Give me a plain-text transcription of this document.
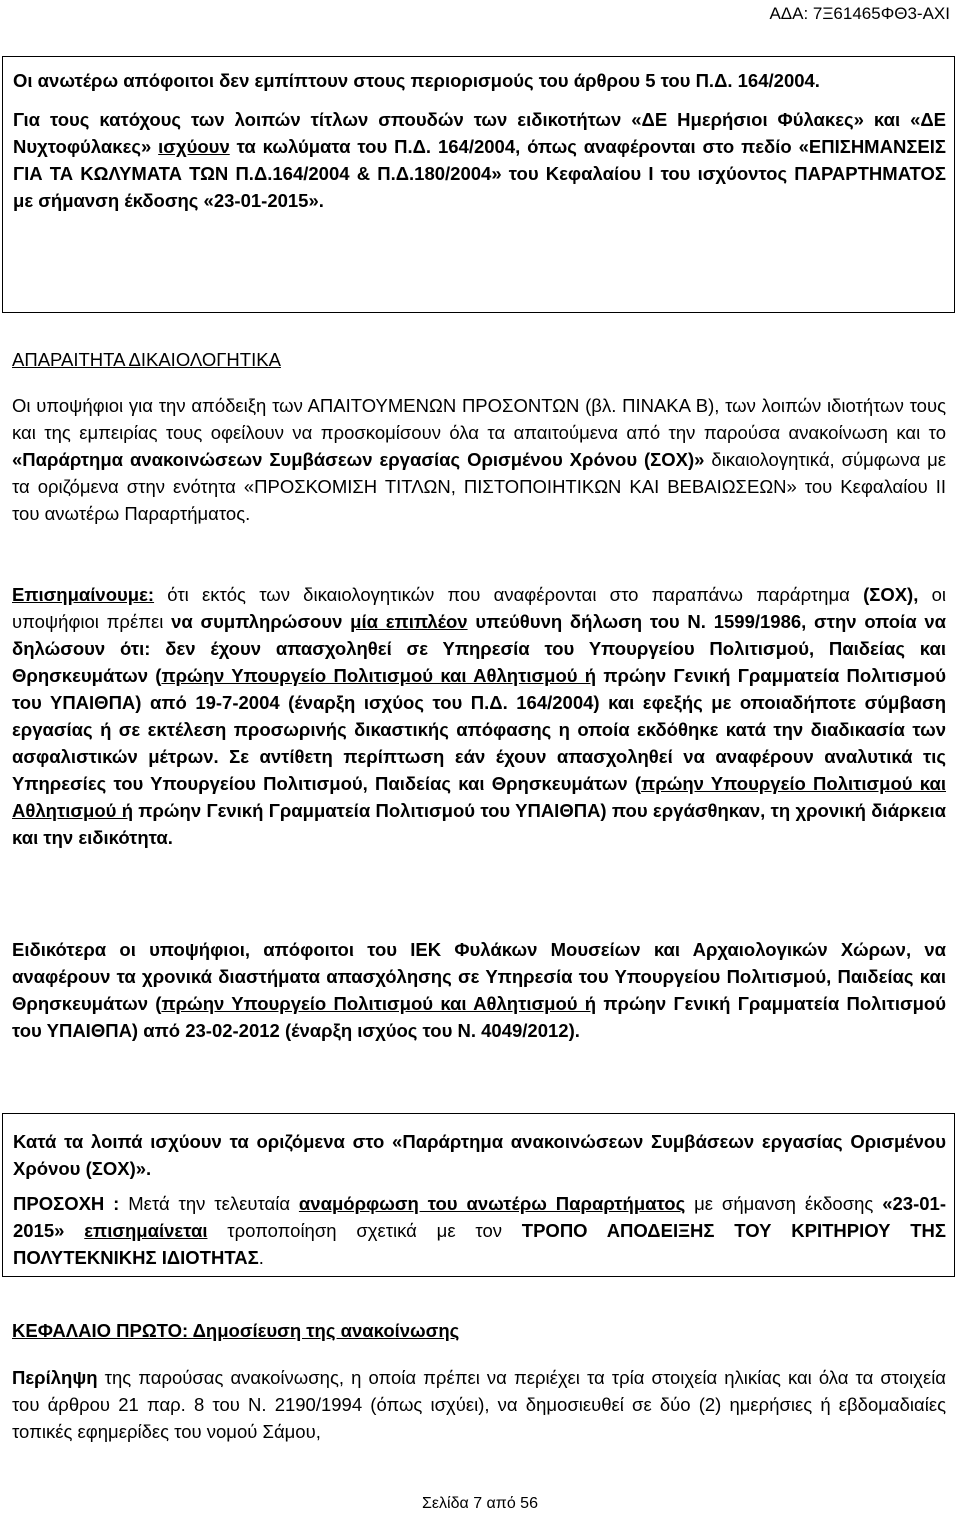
ΑΔΑ: 7Ξ61465ΦΘ3-ΑΧΙ

Οι ανωτέρω απόφοιτοι δεν εμπίπτουν στους περιορισμούς του άρθρου 5 του Π.Δ. 164/2004.

Για τους κατόχους των λοιπών τίτλων σπουδών των ειδικοτήτων «ΔΕ Ημερήσιοι Φύλακες» και «ΔΕ Νυχτοφύλακες» ισχύουν τα κωλύματα του Π.Δ. 164/2004, όπως αναφέρονται στο πεδίο «ΕΠΙΣΗΜΑΝΣΕΙΣ ΓΙΑ ΤΑ ΚΩΛΥΜΑΤΑ ΤΩΝ Π.Δ.164/2004 & Π.Δ.180/2004» του Κεφαλαίου Ι του ισχύοντος ΠΑΡΑΡΤΗΜΑΤΟΣ με σήμανση έκδοσης «23-01-2015».

ΑΠΑΡΑΙΤΗΤΑ ΔΙΚΑΙΟΛΟΓΗΤΙΚΑ

Οι υποψήφιοι για την απόδειξη των ΑΠΑΙΤΟΥΜΕΝΩΝ ΠΡΟΣΟΝΤΩΝ (βλ. ΠΙΝΑΚΑ Β), των λοιπών ιδιοτήτων τους και της εμπειρίας τους οφείλουν να προσκομίσουν όλα τα απαιτούμενα από την παρούσα ανακοίνωση και το «Παράρτημα ανακοινώσεων Συμβάσεων εργασίας Ορισμένου Χρόνου (ΣΟΧ)» δικαιολογητικά, σύμφωνα με τα οριζόμενα στην ενότητα «ΠΡΟΣΚΟΜΙΣΗ ΤΙΤΛΩΝ, ΠΙΣΤΟΠΟΙΗΤΙΚΩΝ ΚΑΙ ΒΕΒΑΙΩΣΕΩΝ» του Κεφαλαίου ΙΙ του ανωτέρω Παραρτήματος.

Επισημαίνουμε: ότι εκτός των δικαιολογητικών που αναφέρονται στο παραπάνω παράρτημα (ΣΟΧ), οι υποψήφιοι πρέπει να συμπληρώσουν μία επιπλέον υπεύθυνη δήλωση του Ν. 1599/1986, στην οποία να δηλώσουν ότι: δεν έχουν απασχοληθεί σε Υπηρεσία του Υπουργείου Πολιτισμού, Παιδείας και Θρησκευμάτων (πρώην Υπουργείο Πολιτισμού και Αθλητισμού ή πρώην Γενική Γραμματεία Πολιτισμού του ΥΠΑΙΘΠΑ) από 19-7-2004 (έναρξη ισχύος του Π.Δ. 164/2004) και εφεξής με οποιαδήποτε σύμβαση εργασίας ή σε εκτέλεση προσωρινής δικαστικής απόφασης η οποία εκδόθηκε κατά την διαδικασία των ασφαλιστικών μέτρων. Σε αντίθετη περίπτωση εάν έχουν απασχοληθεί να αναφέρουν αναλυτικά τις Υπηρεσίες του Υπουργείου Πολιτισμού, Παιδείας και Θρησκευμάτων (πρώην Υπουργείο Πολιτισμού και Αθλητισμού ή πρώην Γενική Γραμματεία Πολιτισμού του ΥΠΑΙΘΠΑ) που εργάσθηκαν, τη χρονική διάρκεια και την ειδικότητα.

Ειδικότερα οι υποψήφιοι, απόφοιτοι του ΙΕΚ Φυλάκων Μουσείων και Αρχαιολογικών Χώρων, να αναφέρουν τα χρονικά διαστήματα απασχόλησης σε Υπηρεσία του Υπουργείου Πολιτισμού, Παιδείας και Θρησκευμάτων (πρώην Υπουργείο Πολιτισμού και Αθλητισμού ή πρώην Γενική Γραμματεία Πολιτισμού του ΥΠΑΙΘΠΑ) από 23-02-2012 (έναρξη ισχύος του Ν. 4049/2012).

Κατά τα λοιπά ισχύουν τα οριζόμενα στο «Παράρτημα ανακοινώσεων Συμβάσεων εργασίας Ορισμένου Χρόνου (ΣΟΧ)».

ΠΡΟΣΟΧΗ : Μετά την τελευταία αναμόρφωση του ανωτέρω Παραρτήματος με σήμανση έκδοσης «23-01-2015» επισημαίνεται τροποποίηση σχετικά με τον ΤΡΟΠΟ ΑΠΟΔΕΙΞΗΣ ΤΟΥ ΚΡΙΤΗΡΙΟΥ ΤΗΣ ΠΟΛΥΤΕΚΝΙΚΗΣ ΙΔΙΟΤΗΤΑΣ.

ΚΕΦΑΛΑΙΟ ΠΡΩΤΟ: Δημοσίευση της ανακοίνωσης

Περίληψη της παρούσας ανακοίνωσης, η οποία πρέπει να περιέχει τα τρία στοιχεία ηλικίας και όλα τα στοιχεία του άρθρου 21 παρ. 8 του Ν. 2190/1994 (όπως ισχύει), να δημοσιευθεί σε δύο (2) ημερήσιες ή εβδομαδιαίες τοπικές εφημερίδες του νομού Σάμου,

Σελίδα 7 από 56
